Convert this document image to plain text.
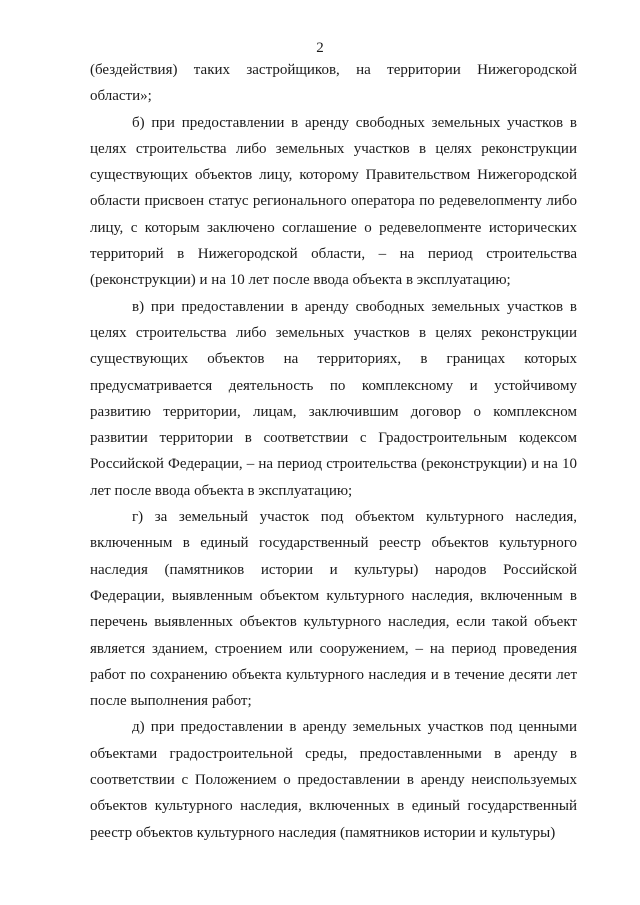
2

(бездействия) таких застройщиков, на территории Нижегородской области»;

б) при предоставлении в аренду свободных земельных участков в целях строительства либо земельных участков в целях реконструкции существующих объектов лицу, которому Правительством Нижегородской области присвоен статус регионального оператора по редевелопменту либо лицу, с которым заключено соглашение о редевелопменте исторических территорий в Нижегородской области, – на период строительства (реконструкции) и на 10 лет после ввода объекта в эксплуатацию;

в) при предоставлении в аренду свободных земельных участков в целях строительства либо земельных участков в целях реконструкции существующих объектов на территориях, в границах которых предусматривается деятельность по комплексному и устойчивому развитию территории, лицам, заключившим договор о комплексном развитии территории в соответствии с Градостроительным кодексом Российской Федерации, – на период строительства (реконструкции) и на 10 лет после ввода объекта в эксплуатацию;

г) за земельный участок под объектом культурного наследия, включенным в единый государственный реестр объектов культурного наследия (памятников истории и культуры) народов Российской Федерации, выявленным объектом культурного наследия, включенным в перечень выявленных объектов культурного наследия, если такой объект является зданием, строением или сооружением, – на период проведения работ по сохранению объекта культурного наследия и в течение десяти лет после выполнения работ;

д) при предоставлении в аренду земельных участков под ценными объектами градостроительной среды, предоставленными в аренду в соответствии с Положением о предоставлении в аренду неиспользуемых объектов культурного наследия, включенных в единый государственный реестр объектов культурного наследия (памятников истории и культуры)
